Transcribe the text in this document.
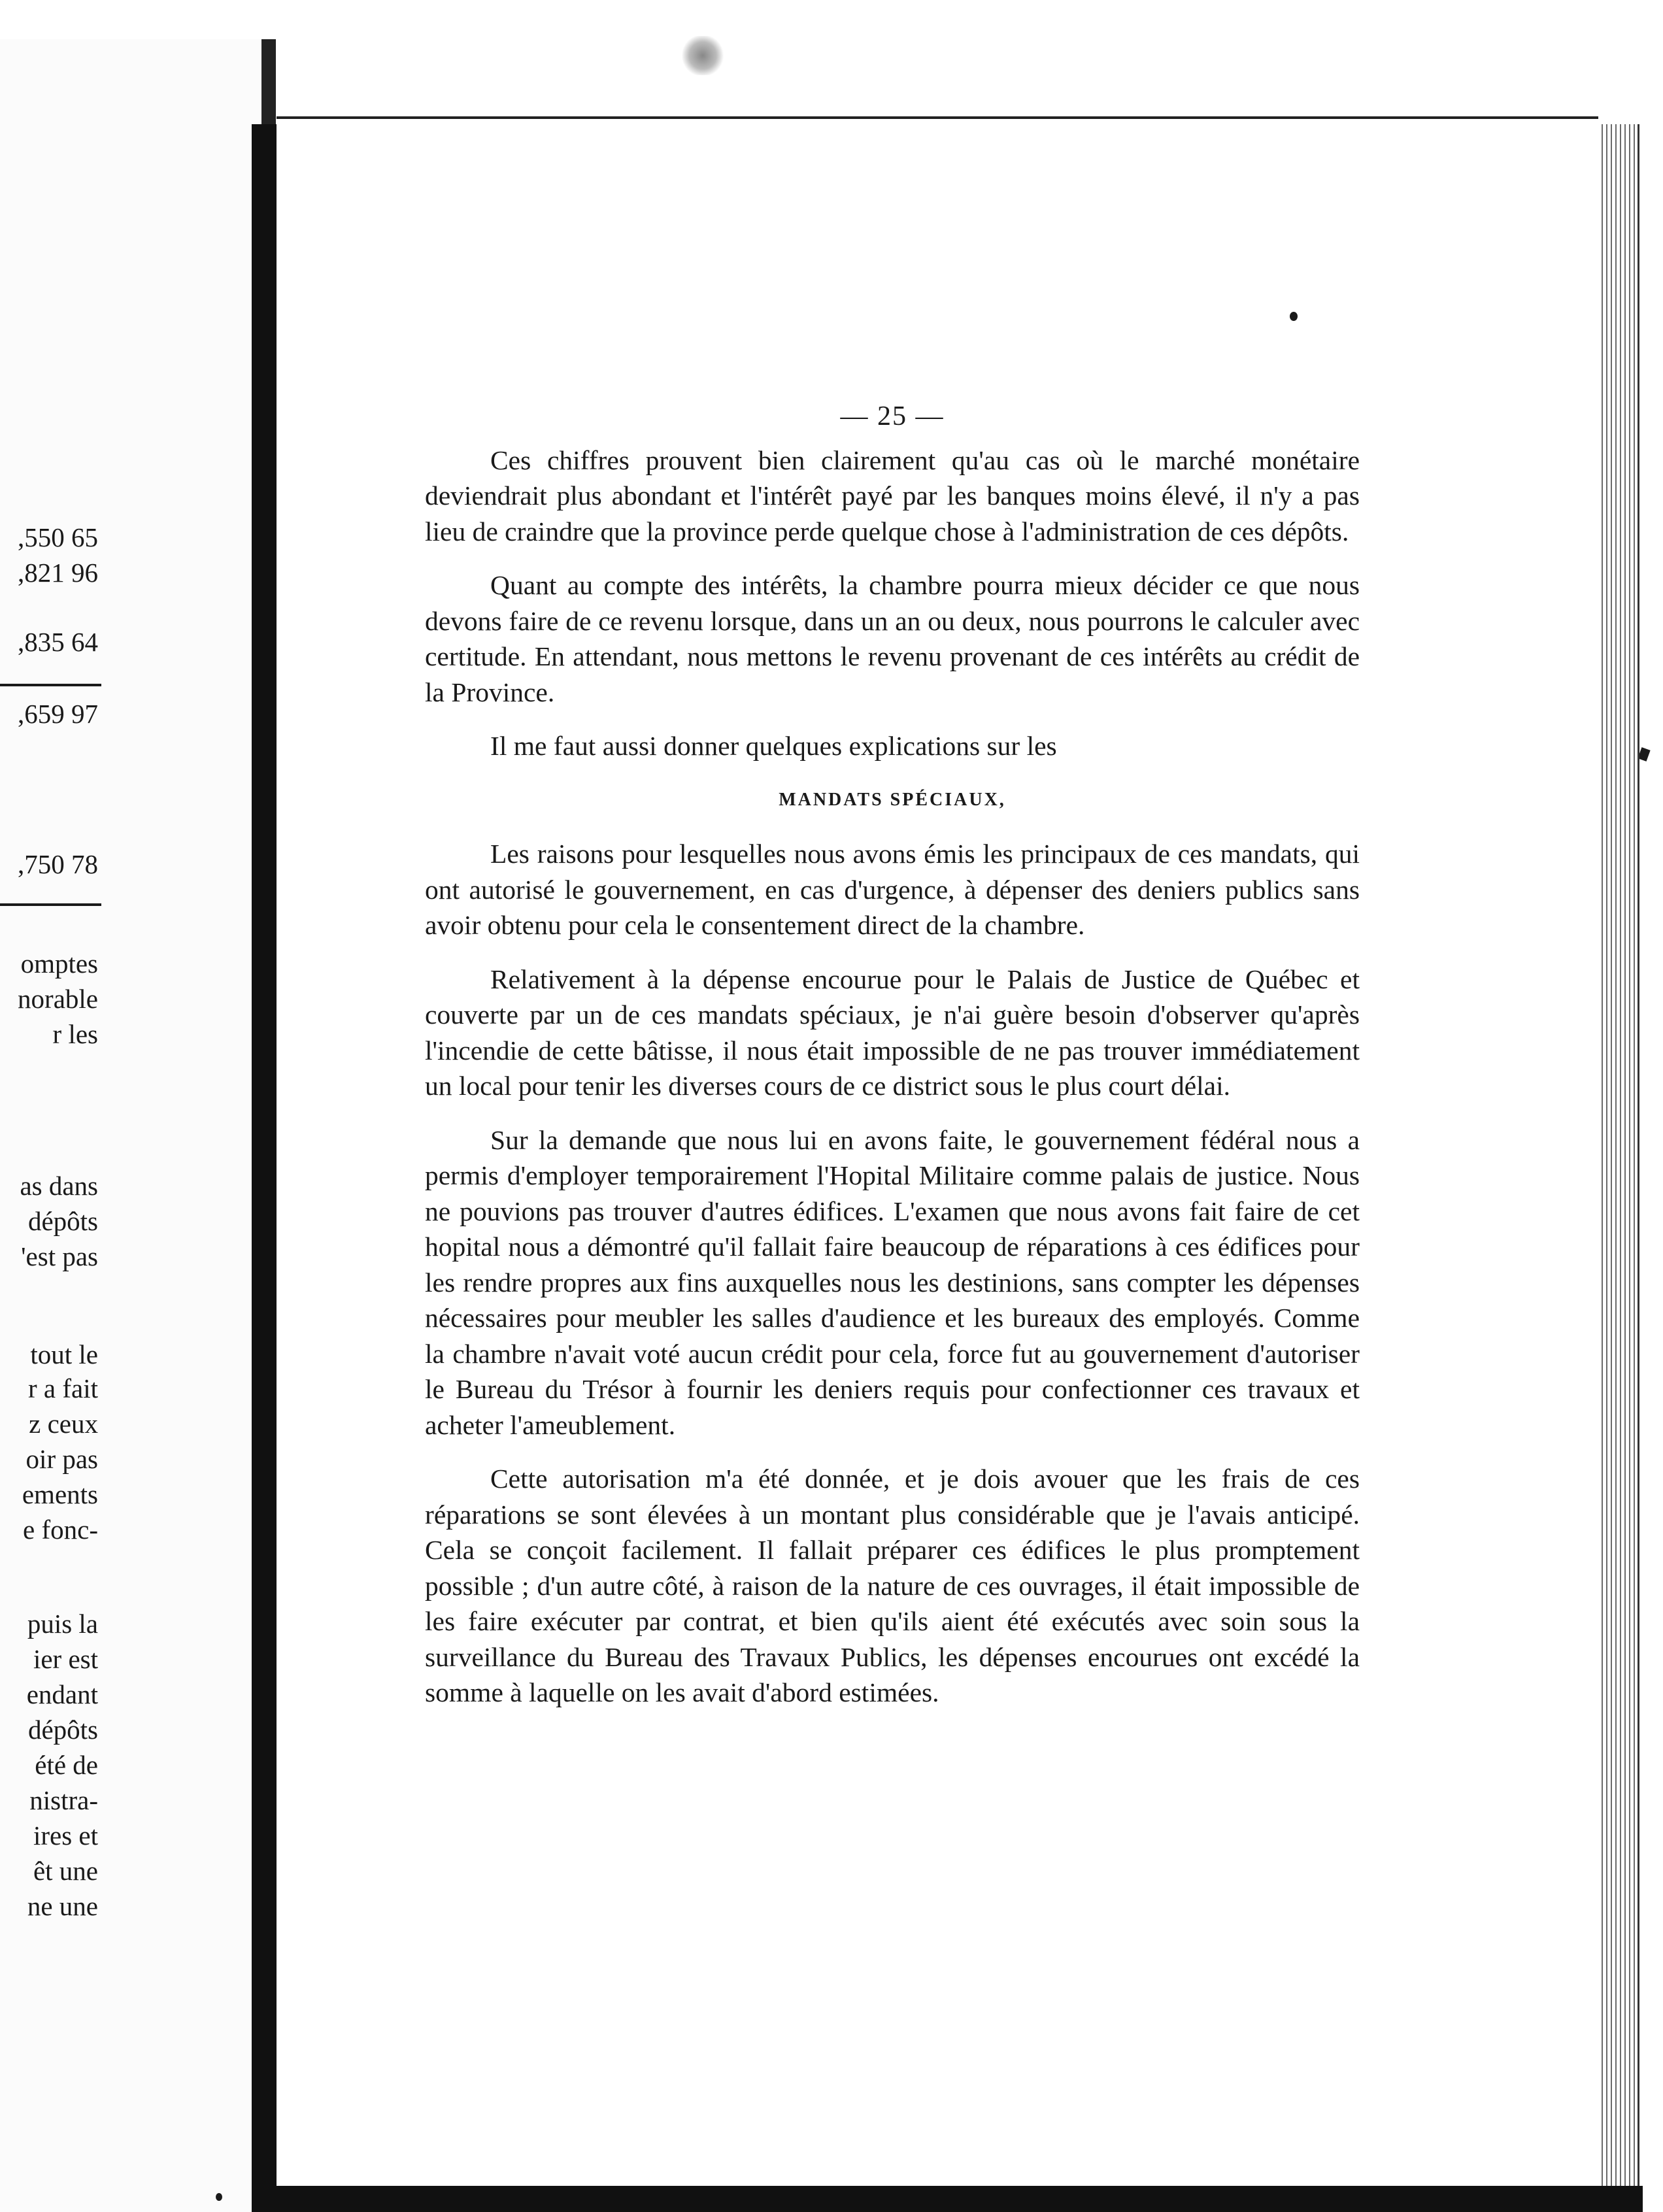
,550 65
,821 96
,835 64
,659 97
,750 78
omptes
norable
r les
as dans
dépôts
'est pas
tout le
r a fait
z ceux
oir pas
ements
e fonc-
puis la
ier est
endant
dépôts
été de
nistra-
ires et
êt une
ne une
— 25 —

Ces chiffres prouvent bien clairement qu'au cas où le marché monétaire deviendrait plus abondant et l'intérêt payé par les banques moins élevé, il n'y a pas lieu de craindre que la province perde quelque chose à l'administration de ces dépôts.

Quant au compte des intérêts, la chambre pourra mieux décider ce que nous devons faire de ce revenu lorsque, dans un an ou deux, nous pourrons le calculer avec certitude. En attendant, nous mettons le revenu provenant de ces intérêts au crédit de la Province.

Il me faut aussi donner quelques explications sur les

MANDATS SPÉCIAUX,

Les raisons pour lesquelles nous avons émis les principaux de ces mandats, qui ont autorisé le gouvernement, en cas d'urgence, à dépenser des deniers publics sans avoir obtenu pour cela le consentement direct de la chambre.

Relativement à la dépense encourue pour le Palais de Justice de Québec et couverte par un de ces mandats spéciaux, je n'ai guère besoin d'observer qu'après l'incendie de cette bâtisse, il nous était impossible de ne pas trouver immédiatement un local pour tenir les diverses cours de ce district sous le plus court délai.

Sur la demande que nous lui en avons faite, le gouvernement fédéral nous a permis d'employer temporairement l'Hopital Militaire comme palais de justice. Nous ne pouvions pas trouver d'autres édifices. L'examen que nous avons fait faire de cet hopital nous a démontré qu'il fallait faire beaucoup de réparations à ces édifices pour les rendre propres aux fins auxquelles nous les destinions, sans compter les dépenses nécessaires pour meubler les salles d'audience et les bureaux des employés. Comme la chambre n'avait voté aucun crédit pour cela, force fut au gouvernement d'autoriser le Bureau du Trésor à fournir les deniers requis pour confectionner ces travaux et acheter l'ameublement.

Cette autorisation m'a été donnée, et je dois avouer que les frais de ces réparations se sont élevées à un montant plus considérable que je l'avais anticipé. Cela se conçoit facilement. Il fallait préparer ces édifices le plus promptement possible ; d'un autre côté, à raison de la nature de ces ouvrages, il était impossible de les faire exécuter par contrat, et bien qu'ils aient été exécutés avec soin sous la surveillance du Bureau des Travaux Publics, les dépenses encourues ont excédé la somme à laquelle on les avait d'abord estimées.
